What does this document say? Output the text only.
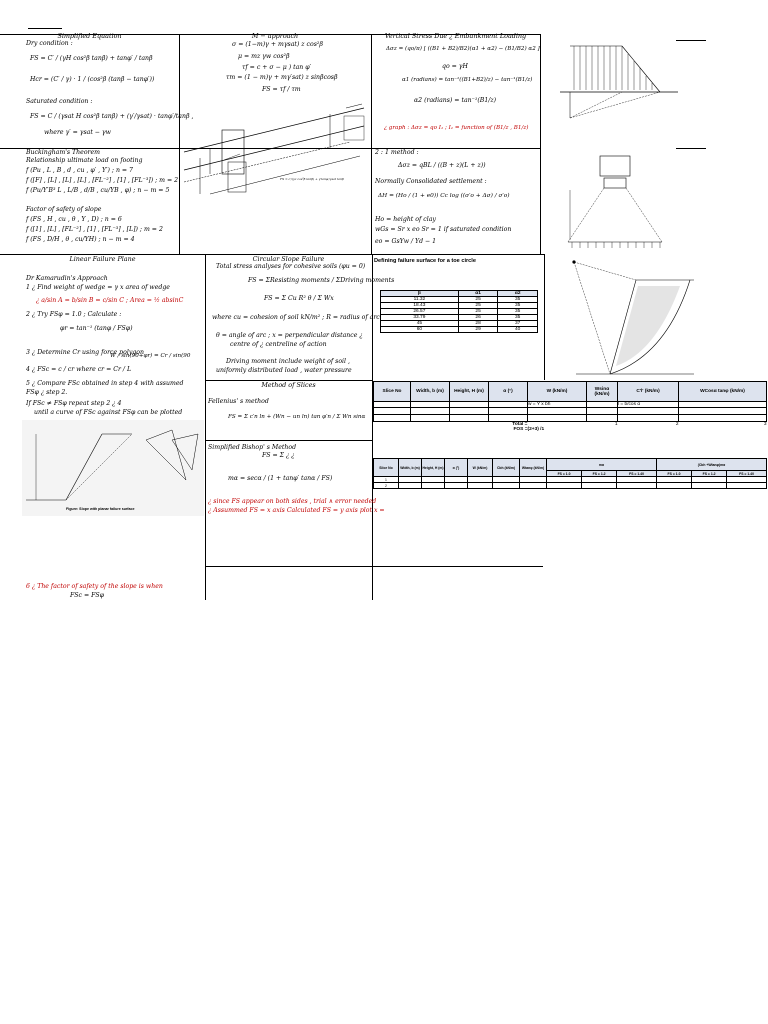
Simplified Equation
Dry condition :
FS = C′ / (γH cos²β tanβ) + tanφ′ / tanβ
Hcr = (C′ / γ) · 1 / (cos²β (tanβ − tanφ′))
Saturated condition :
FS = C / (γsat H cos²β tanβ) + (γ′/γsat) · tanφ′/tanβ ,
where γ′ = γsat − γw
M − approach
σ = (1−m)γ + mγsat) z cos²β
μ = mz γw cos²β
τf = c + σ − μ ) tan φ′
τm = (1 − m)γ + mγ′sat) z sinβcosβ
FS = τf / τm
Vertical Stress Due ¿ Embankment Loading
Δσz = (qo/π) [ ((B1 + B2)/B2)(α1 + α2) − (B1/B2) α2 ]
qo = γH
α1 (radians) = tan⁻¹((B1+B2)/z) − tan⁻¹(B1/z)
α2 (radians) = tan⁻¹(B1/z)
¿ graph : Δσz = qo I₁ ; I₁ = function of (B1/z , B1/z)
Buckingham's Theorem
Relationship ultimate load on footing
f (Pu , L , B , d , cu , φ′ , Y′) ; n = 7
f ([F] , [L] , [L] , [L] , [FL⁻²] , [1] , [FL⁻³]) ; m = 2
f (Pu/Y′B³ L , L/B , d/B , cu/YB , φ) ; n − m = 5
Factor of safety of slope
f (FS , H , cu , θ , Y , D) ; n = 6
f ([1] , [L] , [FL⁻²] , [1] , [FL⁻³] , [L]) ; m = 2
f (FS , D/H , θ , cu/YH) ; n − m = 4
FS = c′/(γz cos²β tanβ) + γ′tanφ′/γsat tanβ
2 : 1 method :
Δσz = qBL / ((B + z)(L + z))
Normally Consolidated settlement :
ΔH = (Ho / (1 + e0)) Cc log ((σ′o + Δσ) / σ′o)
Ho = height of clay
wGs = Sr x eo Sr = 1 if saturated condition
eo = GsYw / Yd − 1
Linear Failure Plane
Dr Kamarudin's Approach
1 ¿ Find weight of wedge = γ x area of wedge
¿ a/sin A = b/sin B = c/sin C ; Area = ½ absinC
2 ¿ Try FSφ = 1.0 ; Calculate :
φr = tan⁻¹ (tanφ / FSφ)
3 ¿ Determine Cr using force polygon
W / sin(90+φr) = Cr / sin(90
4 ¿ FSc = c / cr where cr = Cr / L
5 ¿ Compare FSc obtained in step 4 with assumed
FSφ ¿ step 2.
If FSc ≠ FSφ repeat step 2 ¿ 4
until a curve of FSc against FSφ can be plotted
Figure: Slope with planar failure surface
6 ¿ The factor of safety of the slope is when
FSc = FSφ
Circular Slope Failure
Total stress analyses for cohesive soils (φu = 0)
FS = ΣResisting moments / ΣDriving moments
FS = Σ Cu R² θ / Σ Wx
where cu = cohesion of soil kN/m² ; R = radius of arc
θ = angle of arc ; x = perpendicular distance ¿
centre of ¿ centreline of action
Driving moment include weight of soil ,
uniformly distributed load , water pressure
Defining failure surface for a toe circle
β	α1	α2
11.32	25	35
18.43	25	35
26.57	25	35
33.79	26	35
45	28	37
60	29	40
Method of Slices
Fellenius' s method
FS = Σ c′n ln + (Wn − un ln) tan φ′n / Σ Wn sinα
Slice No	Width, b (m)	Height, H (m)	α (°)	W (kN/m)	Wsinα (kN/m)	C'l' (kN/m)	WCosα tanφ (kN/m)
				w = Y x bh		l = b/cos α	

			Total =		1	2	3
			FOS =	(2+3) /1			
Simplified Bishop' s Method
FS = Σ ¿ ¿
mα = secα / (1 + tanφ′ tanα / FS)
¿ since FS appear on both sides , trial ∧ error needed
¿ Assummed FS = x axis Calculated FS = y axis plot x =
Slice No	Width, b (m)	Height, H (m)	α (°)	W (kN/m)	Cbh (kN/m)	Wtanφ (kN/m)	mα			(Cbh +Wtanφ)mα		
							FS = 1.0	FS = 1.2	FS = 1.40	FS = 1.0	FS = 1.2	FS = 1.40
1												
2												
